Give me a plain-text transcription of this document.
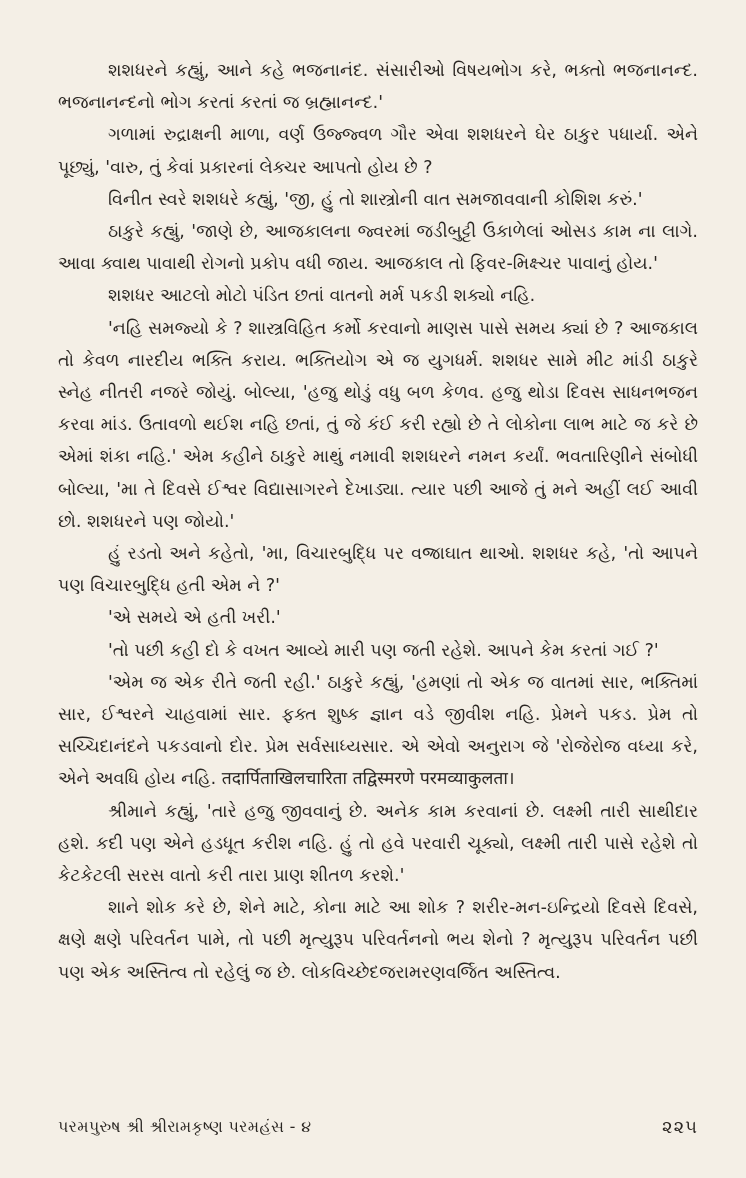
શશધરને કહ્યું, આને કહે ભજનાનંદ. સંસારીઓ વિષયભોગ કરે, ભક્તો ભજનાનન્દ. ભજનાનન્દનો ભોગ કરતાં કરતાં જ બ્રહ્માનન્દ.'

ગળામાં રુદ્રાક્ષની માળા, વર્ણ ઉજ્જ્વળ ગૌર એવા શશધરને ઘેર ઠાકુર પધાર્યા. એને પૂછ્યું, 'વારુ, તું કેવાં પ્રકારનાં લેક્ચર આપતો હોય છે ?

વિનીત સ્વરે શશધરે કહ્યું, 'જી, હું તો શાસ્ત્રોની વાત સમજાવવાની કોશિશ કરું.'

ઠાકુરે કહ્યું, 'જાણે છે, આજકાલના જ્વરમાં જડીબુટ્ટી ઉકાળેલાં ઓસડ કામ ના લાગે. આવા ક્વાથ પાવાથી રોગનો પ્રકોપ વધી જાય. આજકાલ તો ફિવર-મિક્ષ્ચર પાવાનું હોય.'

શશધર આટલો મોટો પંડિત છતાં વાતનો મર્મ પકડી શક્યો નહિ.

'નહિ સમજ્યો કે ? શાસ્ત્રવિહિત કર્મો કરવાનો માણસ પાસે સમય ક્યાં છે ? આજકાલ તો કેવળ નારદીય ભક્તિ કરાય. ભક્તિયોગ એ જ યુગધર્મ. શશધર સામે મીટ માંડી ઠાકુરે સ્નેહ નીતરી નજરે જોયું. બોલ્યા, 'હજુ થોડું વધુ બળ કેળવ. હજુ થોડા દિવસ સાધનભજન કરવા માંડ. ઉતાવળો થઈશ નહિ છતાં, તું જે કંઈ કરી રહ્યો છે તે લોકોના લાભ માટે જ કરે છે એમાં શંકા નહિ.' એમ કહીને ઠાકુરે માથું નમાવી શશધરને નમન કર્યાં. ભવતારિણીને સંબોધી બોલ્યા, 'મા તે દિવસે ઈશ્વર વિદ્યાસાગરને દેખાડ્યા. ત્યાર પછી આજે તું મને અહીં લઈ આવી છો. શશધરને પણ જોયો.'

હું રડતો અને કહેતો, 'મા, વિચારબુદ્ધિ પર વજ્રાઘાત થાઓ. શશધર કહે, 'તો આપને પણ વિચારબુદ્ધિ હતી એમ ને ?'

'એ સમયે એ હતી ખરી.'

'તો પછી કહી દો કે વખત આવ્યે મારી પણ જતી રહેશે. આપને કેમ કરતાં ગઈ ?'

'એમ જ એક રીતે જતી રહી.' ઠાકુરે કહ્યું, 'હમણાં તો એક જ વાતમાં સાર, ભક્તિમાં સાર, ઈશ્વરને ચાહવામાં સાર. ફક્ત શુષ્ક જ્ઞાન વડે જીવીશ નહિ. પ્રેમને પકડ. પ્રેમ તો સચ્ચિદાનંદને પકડવાનો દોર. પ્રેમ સર્વસાધ્યસાર. એ એવો અનુરાગ જે 'રોજેરોજ વધ્યા કરે, એને અવધિ હોય નહિ. तदार्पिताखिलचारिता तद्विस्मरणे परमव्याकुलता।

શ્રીમાને કહ્યું, 'તારે હજુ જીવવાનું છે. અનેક કામ કરવાનાં છે. લક્ષ્મી તારી સાથીદાર હશે. કદી પણ એને હડધૂત કરીશ નહિ. હું તો હવે પરવારી ચૂક્યો, લક્ષ્મી તારી પાસે રહેશે તો કેટકેટલી સરસ વાતો કરી તારા પ્રાણ શીતળ કરશે.'

શાને શોક કરે છે, શેને માટે, કોના માટે આ શોક ? શરીર-મન-ઇન્દ્રિયો દિવસે દિવસે, ક્ષણે ક્ષણે પરિવર્તન પામે, તો પછી મૃત્યુરૂપ પરિવર્તનનો ભય શેનો ? મૃત્યુરૂપ પરિવર્તન પછી પણ એક અસ્તિત્વ તો રહેલું જ છે. લોકવિચ્છેદજરામરણવર્જિત અસ્તિત્વ.

પરમપુરુષ શ્રી શ્રીરામકૃષ્ણ પરમહંસ - ૪	૨૨૫
